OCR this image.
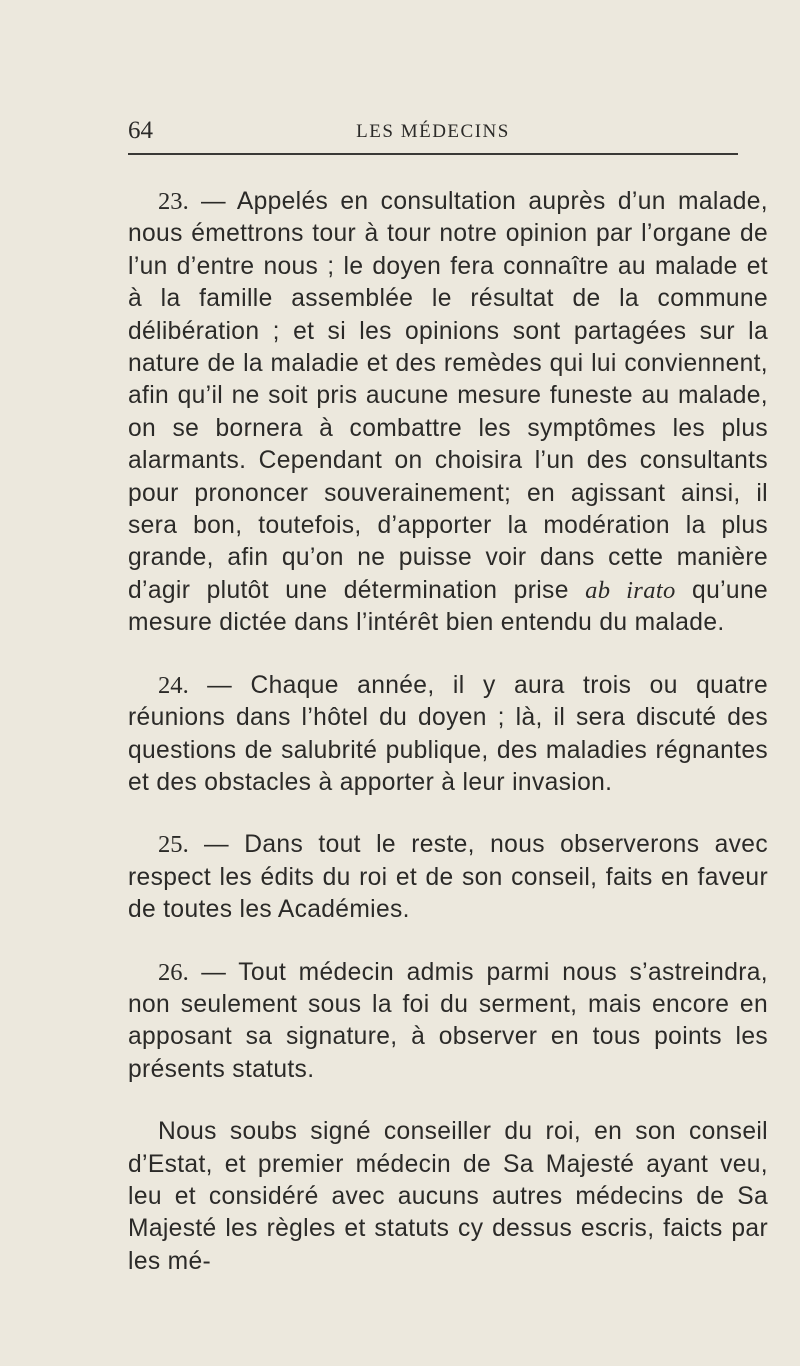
64	LES MÉDECINS

23. — Appelés en consultation auprès d’un malade, nous émettrons tour à tour notre opinion par l’organe de l’un d’entre nous ; le doyen fera connaître au malade et à la famille assemblée le résultat de la commune délibération ; et si les opinions sont partagées sur la nature de la maladie et des remèdes qui lui conviennent, afin qu’il ne soit pris aucune mesure funeste au malade, on se bornera à combattre les symptômes les plus alarmants. Cependant on choisira l’un des consultants pour prononcer souverainement; en agissant ainsi, il sera bon, toutefois, d’apporter la modération la plus grande, afin qu’on ne puisse voir dans cette manière d’agir plutôt une détermination prise ab irato qu’une mesure dictée dans l’intérêt bien entendu du malade.

24. — Chaque année, il y aura trois ou quatre réunions dans l’hôtel du doyen ; là, il sera discuté des questions de salubrité publique, des maladies régnantes et des obstacles à apporter à leur invasion.

25. — Dans tout le reste, nous observerons avec respect les édits du roi et de son conseil, faits en faveur de toutes les Académies.

26. — Tout médecin admis parmi nous s’astreindra, non seulement sous la foi du serment, mais encore en apposant sa signature, à observer en tous points les présents statuts.

Nous soubs signé conseiller du roi, en son conseil d’Estat, et premier médecin de Sa Majesté ayant veu, leu et considéré avec aucuns autres médecins de Sa Majesté les règles et statuts cy dessus escris, faicts par les mé-
